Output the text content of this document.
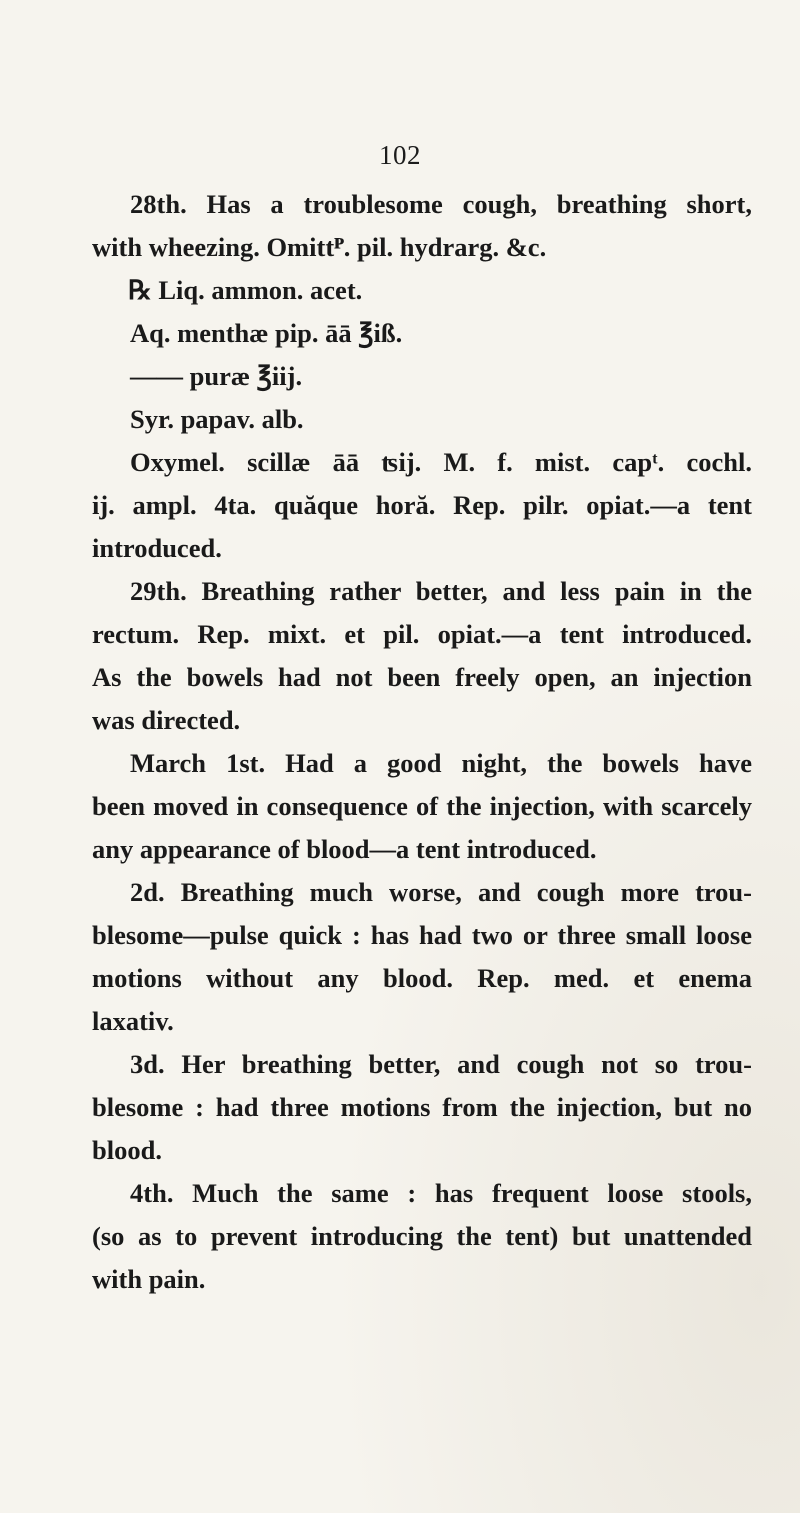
102
28th. Has a troublesome cough, breathing short,
with wheezing. Omittᴾ. pil. hydrarg. &c.
℞ Liq. ammon. acet.
Aq. menthæ pip. āā ℥iß.
—— puræ ℥iij.
Syr. papav. alb.
Oxymel. scillæ āā ʦij. M. f. mist. capᵗ. cochl.
ij. ampl. 4ta. quăque horă. Rep. pilr. opiat.—a tent
introduced.
29th. Breathing rather better, and less pain in the
rectum. Rep. mixt. et pil. opiat.—a tent introduced.
As the bowels had not been freely open, an injection
was directed.
March 1st. Had a good night, the bowels have
been moved in consequence of the injection, with scarcely
any appearance of blood—a tent introduced.
2d. Breathing much worse, and cough more trou-
blesome—pulse quick : has had two or three small loose
motions without any blood. Rep. med. et enema
laxativ.
3d. Her breathing better, and cough not so trou-
blesome : had three motions from the injection, but no
blood.
4th. Much the same : has frequent loose stools,
(so as to prevent introducing the tent) but unattended
with pain.
